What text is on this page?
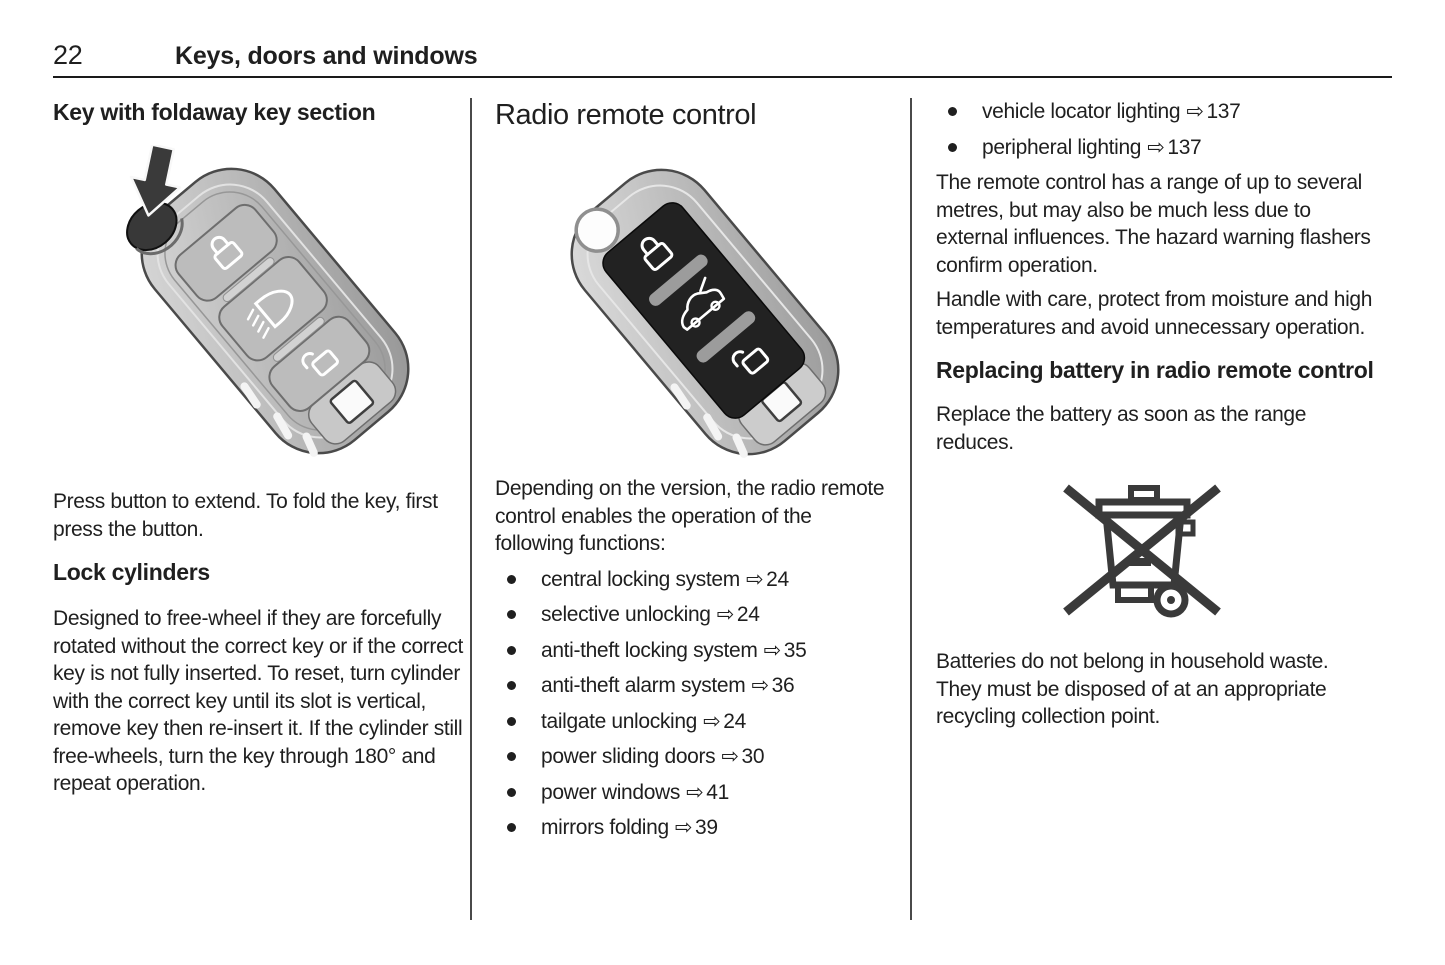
22	Keys, doors and windows
Key with foldaway key section

Press button to extend. To fold the key, first press the button.

Lock cylinders

Designed to free-wheel if they are forcefully rotated without the correct key or if the correct key is not fully inserted. To reset, turn cylinder with the correct key until its slot is vertical, remove key then re-insert it. If the cylinder still free-wheels, turn the key through 180° and repeat operation.

Radio remote control

Depending on the version, the radio remote control enables the operation of the following functions:

central locking system ⇨ 24
selective unlocking ⇨ 24
anti-theft locking system ⇨ 35
anti-theft alarm system ⇨ 36
tailgate unlocking ⇨ 24
power sliding doors ⇨ 30
power windows ⇨ 41
mirrors folding ⇨ 39
vehicle locator lighting ⇨ 137
peripheral lighting ⇨ 137

The remote control has a range of up to several metres, but may also be much less due to external influences. The hazard warning flashers confirm operation.

Handle with care, protect from moisture and high temperatures and avoid unnecessary operation.

Replacing battery in radio remote control

Replace the battery as soon as the range reduces.

Batteries do not belong in household waste. They must be disposed of at an appropriate recycling collection point.
